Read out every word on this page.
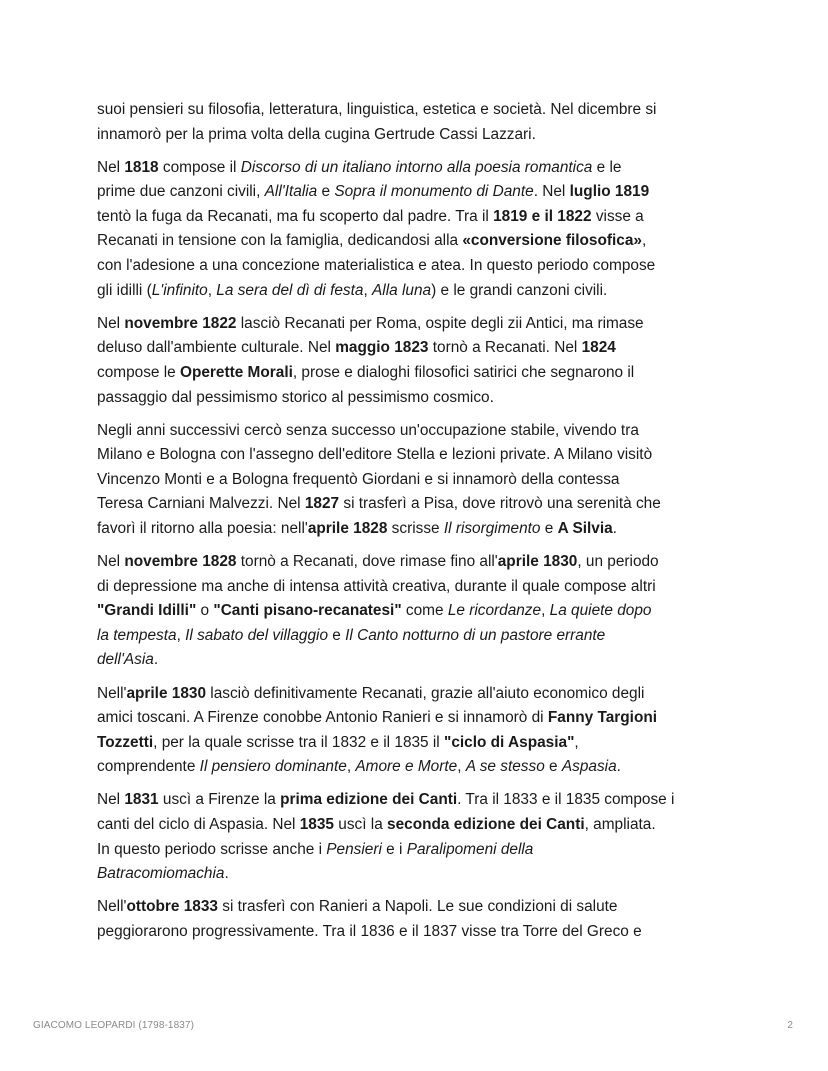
suoi pensieri su filosofia, letteratura, linguistica, estetica e società. Nel dicembre si
innamorò per la prima volta della cugina Gertrude Cassi Lazzari.

Nel 1818 compose il Discorso di un italiano intorno alla poesia romantica e le
prime due canzoni civili, All'Italia e Sopra il monumento di Dante. Nel luglio 1819
tentò la fuga da Recanati, ma fu scoperto dal padre. Tra il 1819 e il 1822 visse a
Recanati in tensione con la famiglia, dedicandosi alla «conversione filosofica»,
con l'adesione a una concezione materialistica e atea. In questo periodo compose
gli idilli (L'infinito, La sera del dì di festa, Alla luna) e le grandi canzoni civili.

Nel novembre 1822 lasciò Recanati per Roma, ospite degli zii Antici, ma rimase
deluso dall'ambiente culturale. Nel maggio 1823 tornò a Recanati. Nel 1824
compose le Operette Morali, prose e dialoghi filosofici satirici che segnarono il
passaggio dal pessimismo storico al pessimismo cosmico.

Negli anni successivi cercò senza successo un'occupazione stabile, vivendo tra
Milano e Bologna con l'assegno dell'editore Stella e lezioni private. A Milano visitò
Vincenzo Monti e a Bologna frequentò Giordani e si innamorò della contessa
Teresa Carniani Malvezzi. Nel 1827 si trasferì a Pisa, dove ritrovò una serenità che
favorì il ritorno alla poesia: nell'aprile 1828 scrisse Il risorgimento e A Silvia.

Nel novembre 1828 tornò a Recanati, dove rimase fino all'aprile 1830, un periodo
di depressione ma anche di intensa attività creativa, durante il quale compose altri
"Grandi Idilli" o "Canti pisano-recanatesi" come Le ricordanze, La quiete dopo
la tempesta, Il sabato del villaggio e Il Canto notturno di un pastore errante
dell'Asia.

Nell'aprile 1830 lasciò definitivamente Recanati, grazie all'aiuto economico degli
amici toscani. A Firenze conobbe Antonio Ranieri e si innamorò di Fanny Targioni
Tozzetti, per la quale scrisse tra il 1832 e il 1835 il "ciclo di Aspasia",
comprendente Il pensiero dominante, Amore e Morte, A se stesso e Aspasia.

Nel 1831 uscì a Firenze la prima edizione dei Canti. Tra il 1833 e il 1835 compose i
canti del ciclo di Aspasia. Nel 1835 uscì la seconda edizione dei Canti, ampliata.
In questo periodo scrisse anche i Pensieri e i Paralipomeni della
Batracomiomachia.

Nell'ottobre 1833 si trasferì con Ranieri a Napoli. Le sue condizioni di salute
peggiorarono progressivamente. Tra il 1836 e il 1837 visse tra Torre del Greco e

GIACOMO LEOPARDI (1798-1837)	2
